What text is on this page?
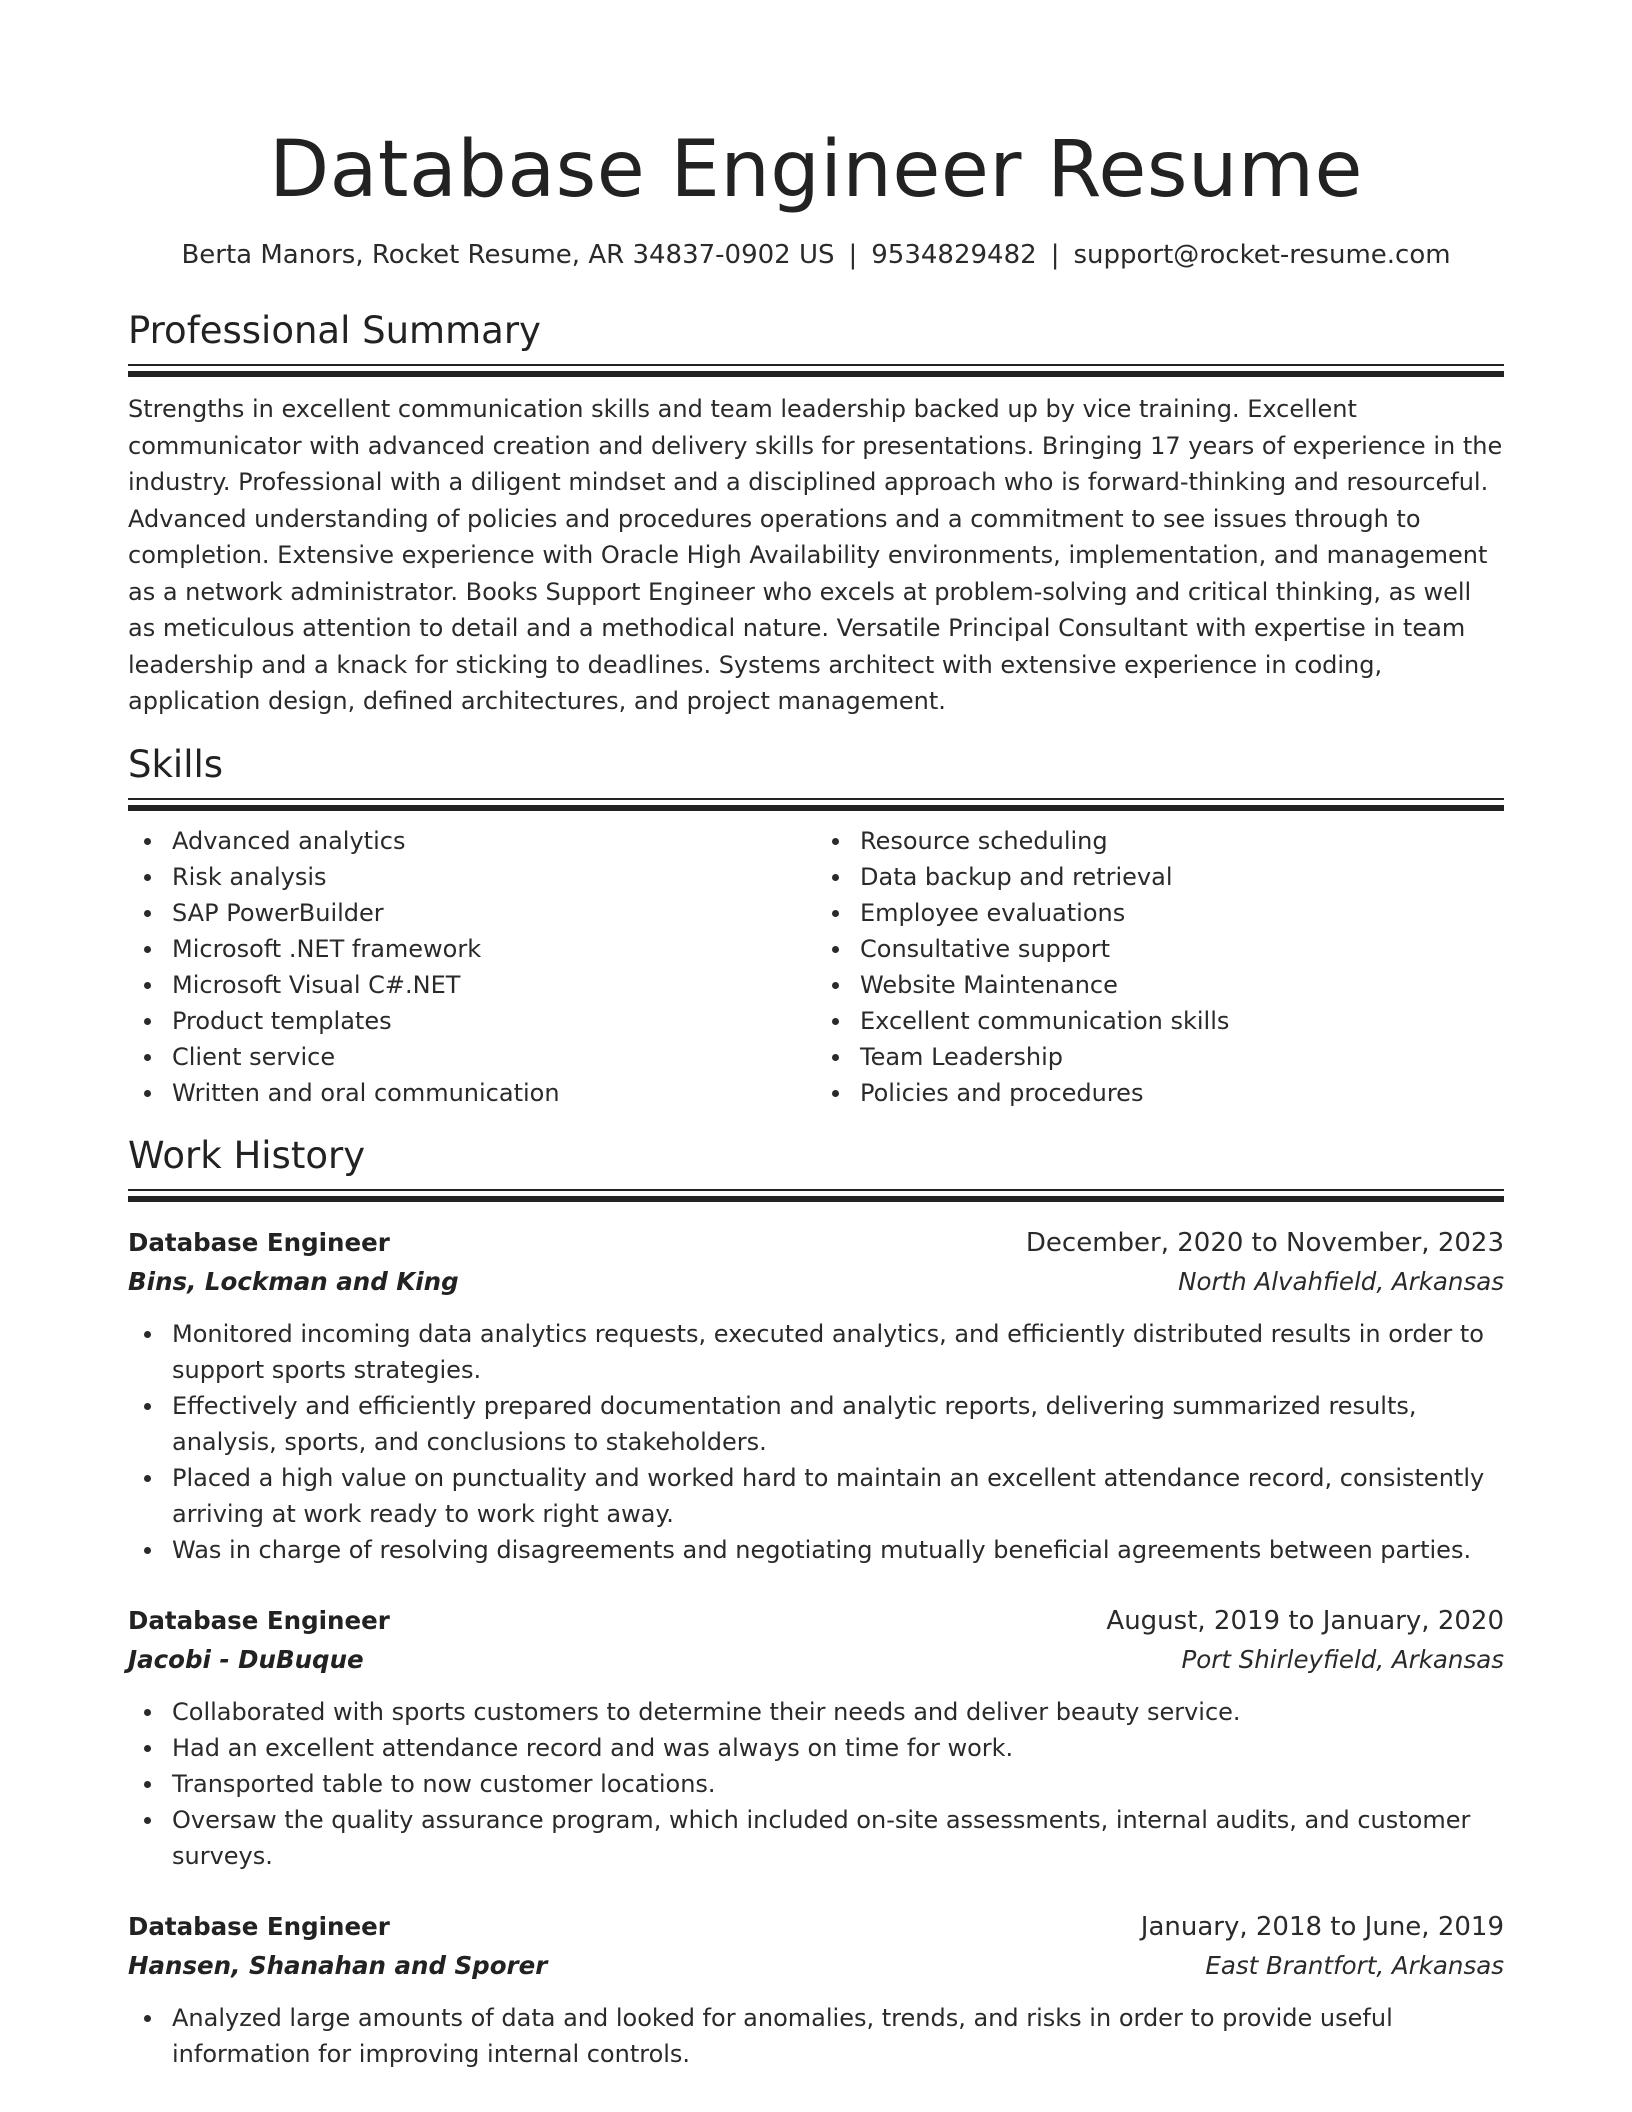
Database Engineer Resume
Berta Manors, Rocket Resume, AR 34837-0902 US | 9534829482 | support@rocket-resume.com
Professional Summary

Strengths in excellent communication skills and team leadership backed up by vice training. Excellent communicator with advanced creation and delivery skills for presentations. Bringing 17 years of experience in the industry. Professional with a diligent mindset and a disciplined approach who is forward-thinking and resourceful. Advanced understanding of policies and procedures operations and a commitment to see issues through to completion. Extensive experience with Oracle High Availability environments, implementation, and management as a network administrator. Books Support Engineer who excels at problem-solving and critical thinking, as well as meticulous attention to detail and a methodical nature. Versatile Principal Consultant with expertise in team leadership and a knack for sticking to deadlines. Systems architect with extensive experience in coding, application design, defined architectures, and project management.

Skills
Advanced analytics
Risk analysis
SAP PowerBuilder
Microsoft .NET framework
Microsoft Visual C#.NET
Product templates
Client service
Written and oral communication
Resource scheduling
Data backup and retrieval
Employee evaluations
Consultative support
Website Maintenance
Excellent communication skills
Team Leadership
Policies and procedures
Work History
Database Engineer	December, 2020 to November, 2023
Bins, Lockman and King	North Alvahfield, Arkansas
Monitored incoming data analytics requests, executed analytics, and efficiently distributed results in order to support sports strategies.
Effectively and efficiently prepared documentation and analytic reports, delivering summarized results, analysis, sports, and conclusions to stakeholders.
Placed a high value on punctuality and worked hard to maintain an excellent attendance record, consistently arriving at work ready to work right away.
Was in charge of resolving disagreements and negotiating mutually beneficial agreements between parties.
Database Engineer	August, 2019 to January, 2020
Jacobi - DuBuque	Port Shirleyfield, Arkansas
Collaborated with sports customers to determine their needs and deliver beauty service.
Had an excellent attendance record and was always on time for work.
Transported table to now customer locations.
Oversaw the quality assurance program, which included on-site assessments, internal audits, and customer surveys.
Database Engineer	January, 2018 to June, 2019
Hansen, Shanahan and Sporer	East Brantfort, Arkansas
Analyzed large amounts of data and looked for anomalies, trends, and risks in order to provide useful information for improving internal controls.
